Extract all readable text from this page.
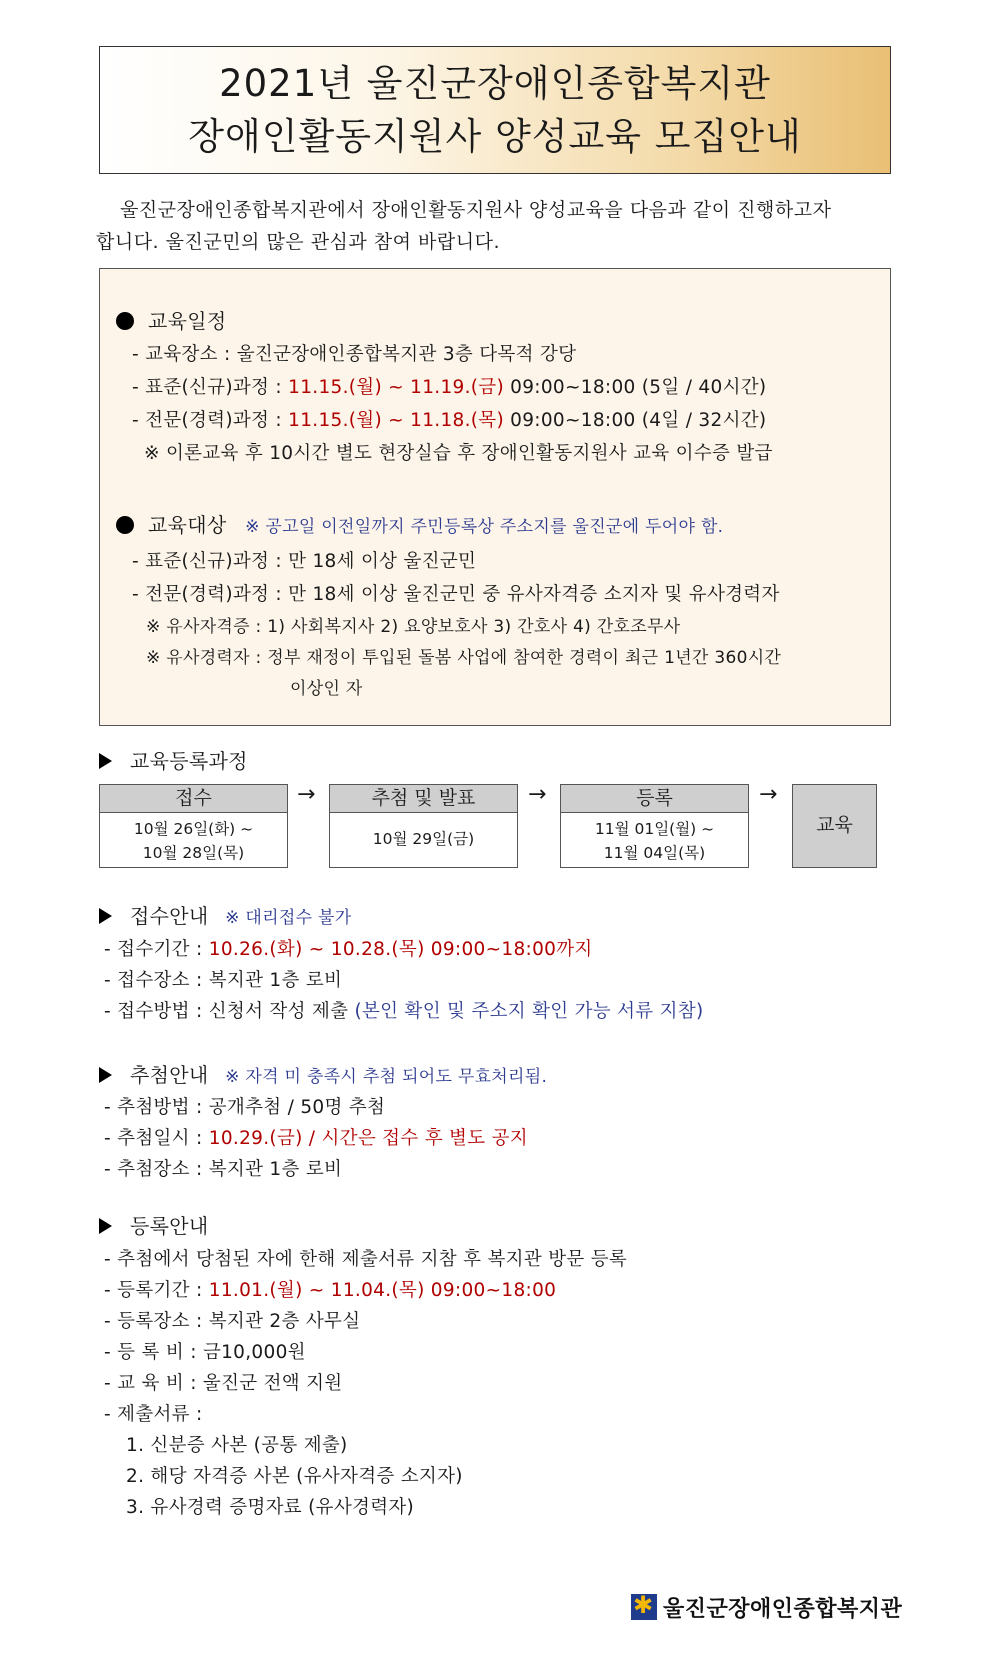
2021년 울진군장애인종합복지관
장애인활동지원사 양성교육 모집안내
울진군장애인종합복지관에서 장애인활동지원사 양성교육을 다음과 같이 진행하고자
합니다. 울진군민의 많은 관심과 참여 바랍니다.
교육일정
- 교육장소 : 울진군장애인종합복지관 3층 다목적 강당
- 표준(신규)과정 : 11.15.(월) ~ 11.19.(금) 09:00~18:00 (5일 / 40시간)
- 전문(경력)과정 : 11.15.(월) ~ 11.18.(목) 09:00~18:00 (4일 / 32시간)
※ 이론교육 후 10시간 별도 현장실습 후 장애인활동지원사 교육 이수증 발급
교육대상 ※ 공고일 이전일까지 주민등록상 주소지를 울진군에 두어야 함.
- 표준(신규)과정 : 만 18세 이상 울진군민
- 전문(경력)과정 : 만 18세 이상 울진군민 중 유사자격증 소지자 및 유사경력자
※ 유사자격증 : 1) 사회복지사 2) 요양보호사 3) 간호사 4) 간호조무사
※ 유사경력자 : 정부 재정이 투입된 돌봄 사업에 참여한 경력이 최근 1년간 360시간
이상인 자
교육등록과정
접수
10월 26일(화) ~
10월 28일(목)
→	추첨 및 발표
10월 29일(금)
→	등록
11월 01일(월) ~
11월 04일(목)
→
교육
접수안내 ※ 대리접수 불가
- 접수기간 : 10.26.(화) ~ 10.28.(목) 09:00~18:00까지
- 접수장소 : 복지관 1층 로비
- 접수방법 : 신청서 작성 제출 (본인 확인 및 주소지 확인 가능 서류 지참)
추첨안내 ※ 자격 미 충족시 추첨 되어도 무효처리됨.
- 추첨방법 : 공개추첨 / 50명 추첨
- 추첨일시 : 10.29.(금) / 시간은 접수 후 별도 공지
- 추첨장소 : 복지관 1층 로비
등록안내
- 추첨에서 당첨된 자에 한해 제출서류 지참 후 복지관 방문 등록
- 등록기간 : 11.01.(월) ~ 11.04.(목) 09:00~18:00
- 등록장소 : 복지관 2층 사무실
- 등 록 비 : 금10,000원
- 교 육 비 : 울진군 전액 지원
- 제출서류 :
1. 신분증 사본 (공통 제출)
2. 해당 자격증 사본 (유사자격증 소지자)
3. 유사경력 증명자료 (유사경력자)
✱ 울진군장애인종합복지관
